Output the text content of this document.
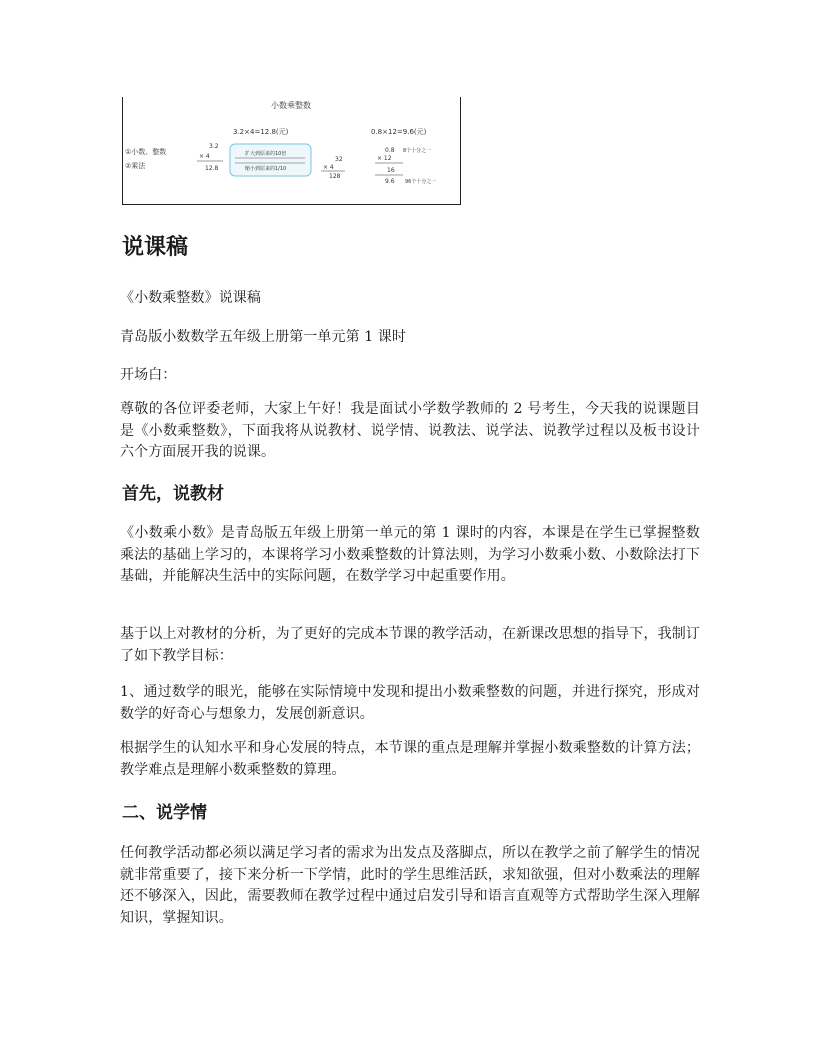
小数乘整数
3.2×4=12.8(元)	0.8×12=9.6(元)
①小数、整数
②乘法
3.2
× 4
12.8
扩大到原来的10倍
缩小到原来的1/10
32
× 4
128
0.8 8个十分之一
× 12
16
9.6 96个十分之一
说课稿

《小数乘整数》说课稿

青岛版小数数学五年级上册第一单元第 1 课时

开场白：

尊敬的各位评委老师，大家上午好！我是面试小学数学教师的 2 号考生，今天我的说课题目是《小数乘整数》，下面我将从说教材、说学情、说教法、说学法、说教学过程以及板书设计六个方面展开我的说课。

首先，说教材

《小数乘小数》是青岛版五年级上册第一单元的第 1 课时的内容，本课是在学生已掌握整数乘法的基础上学习的，本课将学习小数乘整数的计算法则，为学习小数乘小数、小数除法打下基础，并能解决生活中的实际问题，在数学学习中起重要作用。

基于以上对教材的分析，为了更好的完成本节课的教学活动，在新课改思想的指导下，我制订了如下教学目标：

1、通过数学的眼光，能够在实际情境中发现和提出小数乘整数的问题，并进行探究，形成对数学的好奇心与想象力，发展创新意识。

根据学生的认知水平和身心发展的特点，本节课的重点是理解并掌握小数乘整数的计算方法；教学难点是理解小数乘整数的算理。

二、说学情

任何教学活动都必须以满足学习者的需求为出发点及落脚点，所以在教学之前了解学生的情况就非常重要了，接下来分析一下学情，此时的学生思维活跃，求知欲强，但对小数乘法的理解还不够深入，因此，需要教师在教学过程中通过启发引导和语言直观等方式帮助学生深入理解知识，掌握知识。
